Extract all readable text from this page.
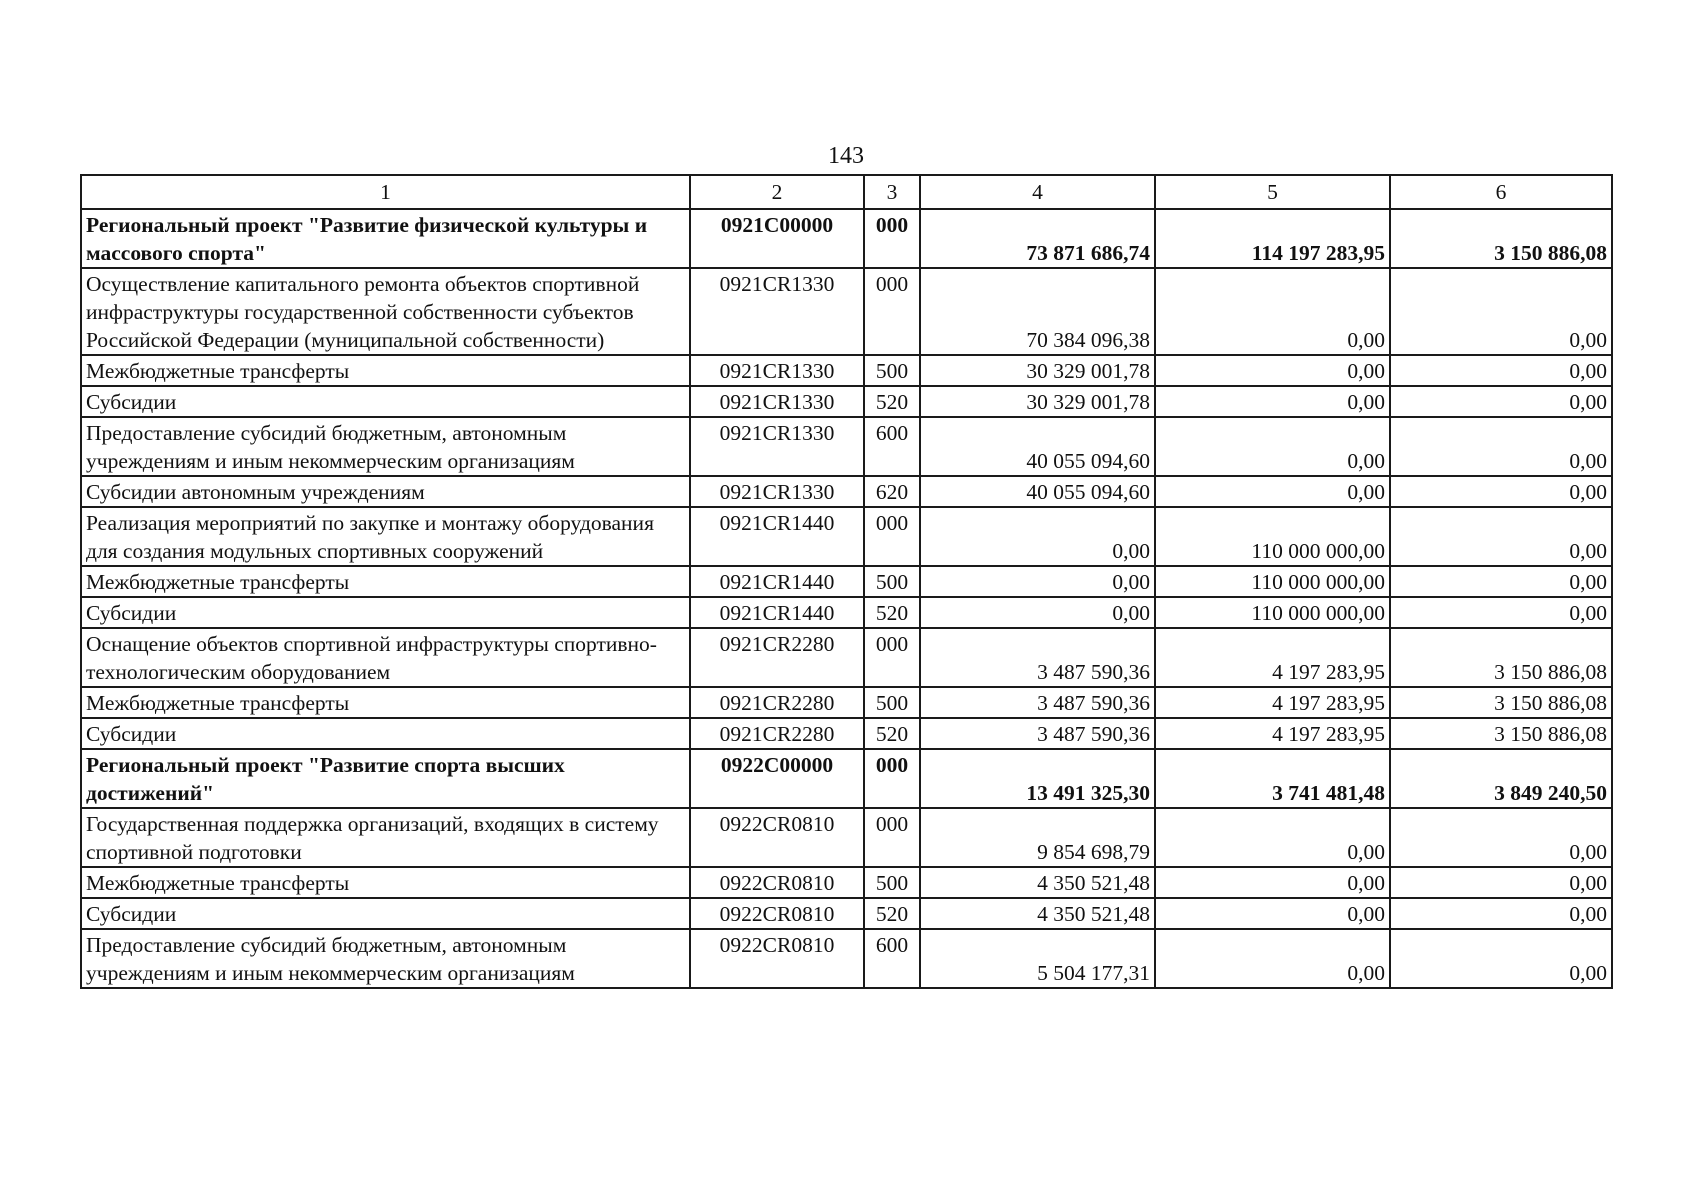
143
1	2	3	4	5	6
Региональный проект "Развитие физической культуры и массового спорта"	0921C00000	000	73 871 686,74	114 197 283,95	3 150 886,08
Осуществление капитального ремонта объектов спортивной инфраструктуры государственной собственности субъектов Российской Федерации (муниципальной собственности)	0921CR1330	000	70 384 096,38	0,00	0,00
Межбюджетные трансферты	0921CR1330	500	30 329 001,78	0,00	0,00
Субсидии	0921CR1330	520	30 329 001,78	0,00	0,00
Предоставление субсидий бюджетным, автономным учреждениям и иным некоммерческим организациям	0921CR1330	600	40 055 094,60	0,00	0,00
Субсидии автономным учреждениям	0921CR1330	620	40 055 094,60	0,00	0,00
Реализация мероприятий по закупке и монтажу оборудования для создания модульных спортивных сооружений	0921CR1440	000	0,00	110 000 000,00	0,00
Межбюджетные трансферты	0921CR1440	500	0,00	110 000 000,00	0,00
Субсидии	0921CR1440	520	0,00	110 000 000,00	0,00
Оснащение объектов спортивной инфраструктуры спортивно-технологическим оборудованием	0921CR2280	000	3 487 590,36	4 197 283,95	3 150 886,08
Межбюджетные трансферты	0921CR2280	500	3 487 590,36	4 197 283,95	3 150 886,08
Субсидии	0921CR2280	520	3 487 590,36	4 197 283,95	3 150 886,08
Региональный проект "Развитие спорта высших достижений"	0922C00000	000	13 491 325,30	3 741 481,48	3 849 240,50
Государственная поддержка организаций, входящих в систему спортивной подготовки	0922CR0810	000	9 854 698,79	0,00	0,00
Межбюджетные трансферты	0922CR0810	500	4 350 521,48	0,00	0,00
Субсидии	0922CR0810	520	4 350 521,48	0,00	0,00
Предоставление субсидий бюджетным, автономным учреждениям и иным некоммерческим организациям	0922CR0810	600	5 504 177,31	0,00	0,00
